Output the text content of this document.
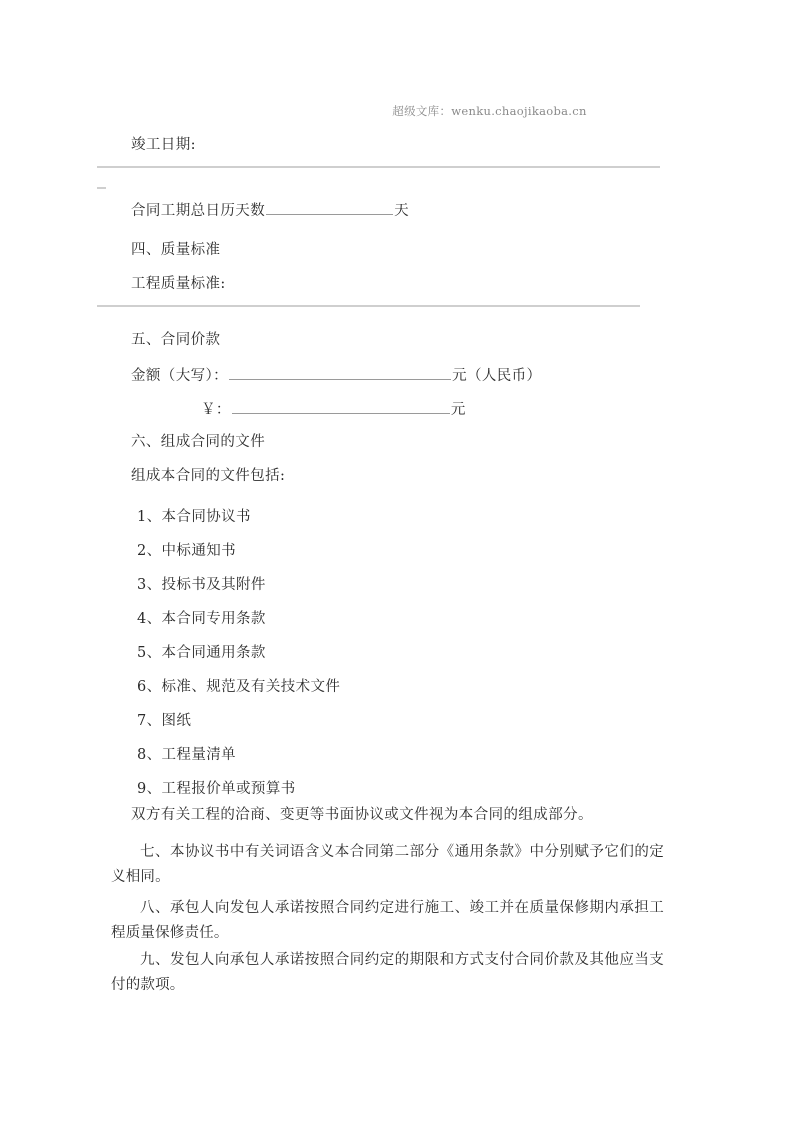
超级文库：wenku.chaojikaoba.cn
竣工日期:
合同工期总日历天数	天
四、质量标准
工程质量标准:
五、合同价款
金额（大写）：	元（人民币）
￥：	元
六、组成合同的文件
组成本合同的文件包括:
1、本合同协议书
2、中标通知书
3、投标书及其附件
4、本合同专用条款
5、本合同通用条款
6、标准、规范及有关技术文件
7、图纸
8、工程量清单
9、工程报价单或预算书
双方有关工程的洽商、变更等书面协议或文件视为本合同的组成部分。
七、本协议书中有关词语含义本合同第二部分《通用条款》中分别赋予它们的定义相同。
八、承包人向发包人承诺按照合同约定进行施工、竣工并在质量保修期内承担工程质量保修责任。
九、发包人向承包人承诺按照合同约定的期限和方式支付合同价款及其他应当支付的款项。
